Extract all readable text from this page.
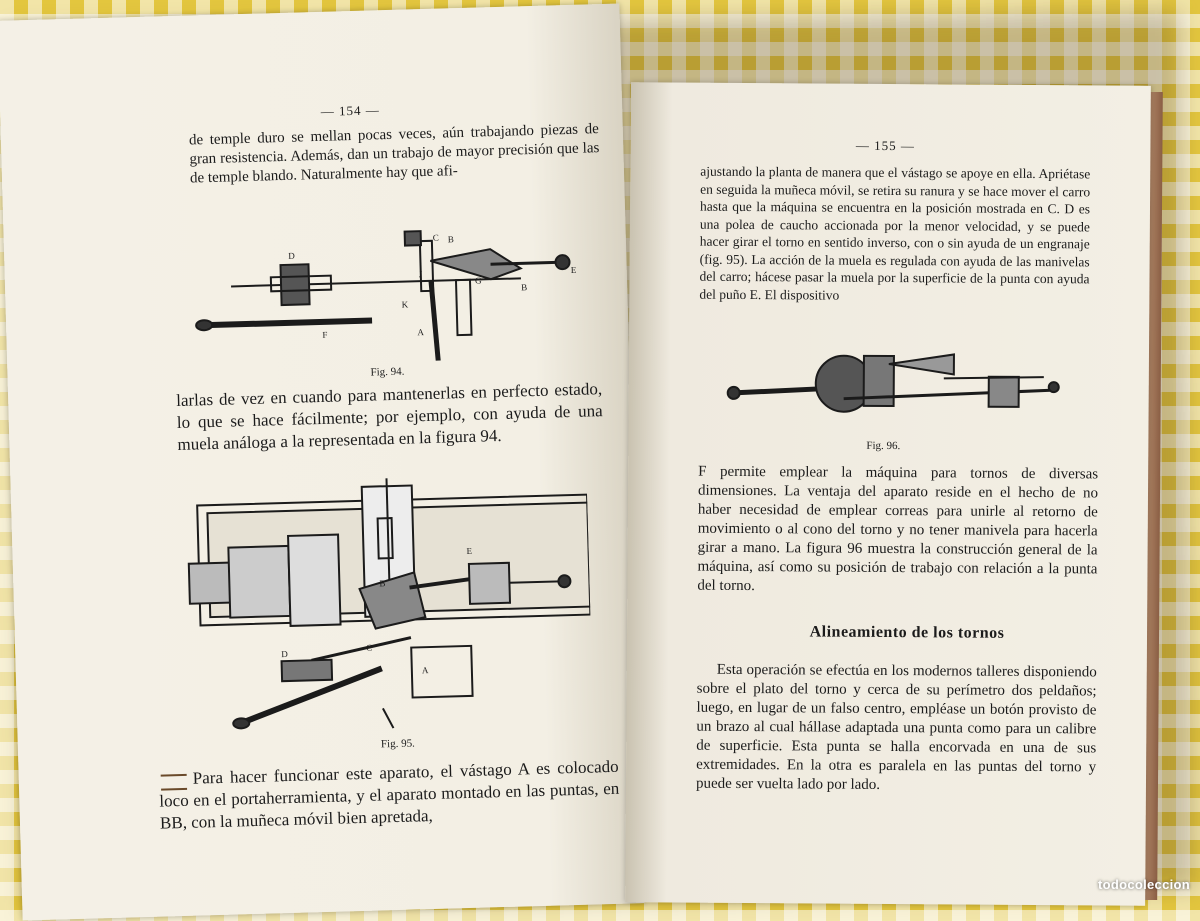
— 154 —
de temple duro se mellan pocas veces, aún trabajando piezas de gran resistencia. Además, dan un trabajo de mayor precisión que las de temple blando. Naturalmente hay que afi-
D
C B
J
G
E
B
K
F	A
Fig. 94.
larlas de vez en cuando para mantenerlas en perfecto estado, lo que se hace fácilmente; por ejemplo, con ayuda de una muela análoga a la representada en la figura 94.
E
B
D
A
C
Fig. 95.
Para hacer funcionar este aparato, el vástago A es colocado loco en el portaherramienta, y el aparato montado en las puntas, en BB, con la muñeca móvil bien apretada,
— 155 —
ajustando la planta de manera que el vástago se apoye en ella. Apriétase en seguida la muñeca móvil, se retira su ranura y se hace mover el carro hasta que la máquina se encuentra en la posición mostrada en C. D es una polea de caucho accionada por la menor velocidad, y se puede hacer girar el torno en sentido inverso, con o sin ayuda de un engranaje (fig. 95). La acción de la muela es regulada con ayuda de las manivelas del carro; hácese pasar la muela por la superficie de la punta con ayuda del puño E. El dispositivo
Fig. 96.
F permite emplear la máquina para tornos de diversas dimensiones. La ventaja del aparato reside en el hecho de no haber necesidad de emplear correas para unirle al retorno de movimiento o al cono del torno y no tener manivela para hacerla girar a mano. La figura 96 muestra la construcción general de la máquina, así como su posición de trabajo con relación a la punta del torno.
Alineamiento de los tornos
Esta operación se efectúa en los modernos talleres disponiendo sobre el plato del torno y cerca de su perímetro dos peldaños; luego, en lugar de un falso centro, empléase un botón provisto de un brazo al cual hállase adaptada una punta como para un calibre de superficie. Esta punta se halla encorvada en una de sus extremidades. En la otra es paralela en las puntas del torno y puede ser vuelta lado por lado.
todocoleccion
